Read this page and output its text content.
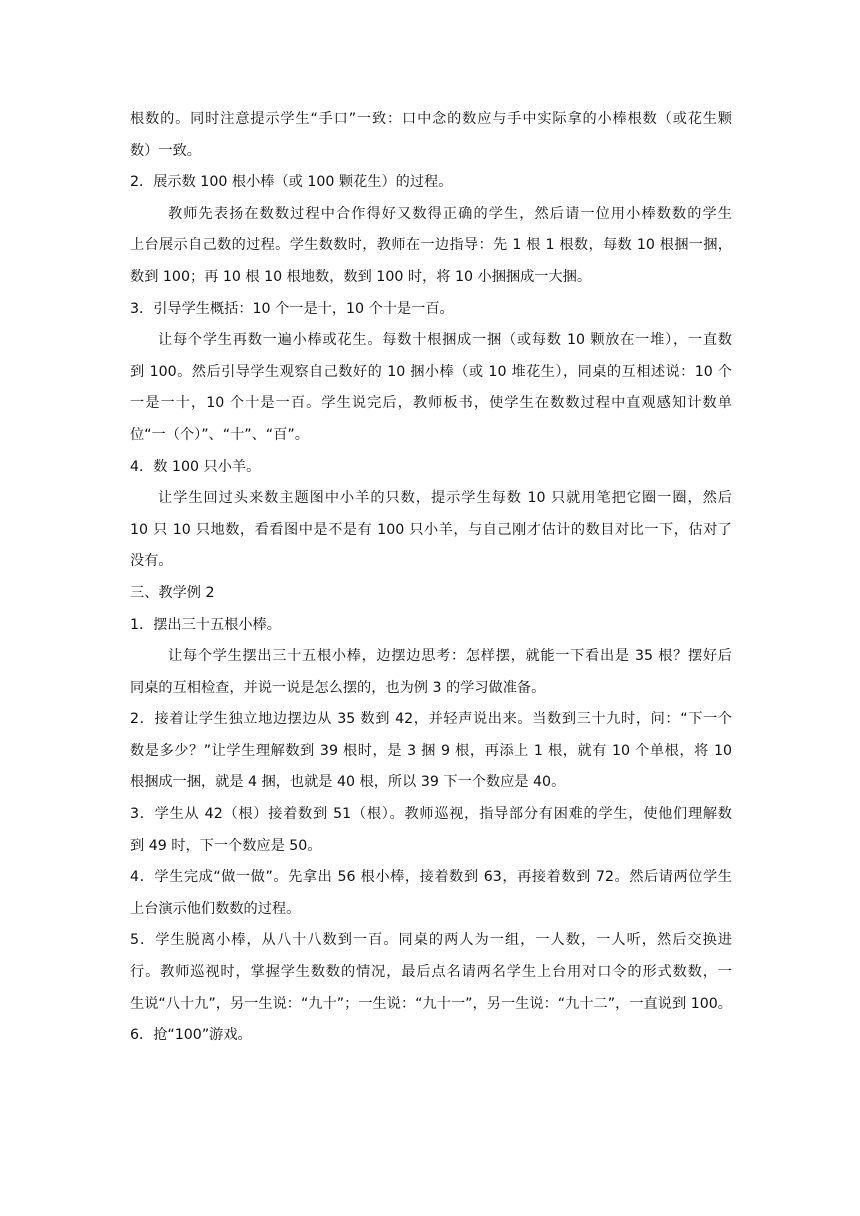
根数的。同时注意提示学生“手口”一致：口中念的数应与手中实际拿的小棒根数（或花生颗
数）一致。
2．展示数 100 根小棒（或 100 颗花生）的过程。
教师先表扬在数数过程中合作得好又数得正确的学生，然后请一位用小棒数数的学生
上台展示自己数的过程。学生数数时，教师在一边指导：先 1 根 1 根数，每数 10 根捆一捆，
数到 100；再 10 根 10 根地数，数到 100 时，将 10 小捆捆成一大捆。
3．引导学生概括：10 个一是十，10 个十是一百。
让每个学生再数一遍小棒或花生。每数十根捆成一捆（或每数 10 颗放在一堆），一直数
到 100。然后引导学生观察自己数好的 10 捆小棒（或 10 堆花生），同桌的互相述说：10 个
一是一十，10 个十是一百。学生说完后，教师板书，使学生在数数过程中直观感知计数单
位“一（个）”、“十”、“百”。
4．数 100 只小羊。
让学生回过头来数主题图中小羊的只数，提示学生每数 10 只就用笔把它圈一圈，然后
10 只 10 只地数，看看图中是不是有 100 只小羊，与自己刚才估计的数目对比一下，估对了
没有。
三、教学例 2
1．摆出三十五根小棒。
让每个学生摆出三十五根小棒，边摆边思考：怎样摆，就能一下看出是 35 根？摆好后
同桌的互相检查，并说一说是怎么摆的，也为例 3 的学习做准备。
2．接着让学生独立地边摆边从 35 数到 42，并轻声说出来。当数到三十九时，问：“下一个
数是多少？”让学生理解数到 39 根时，是 3 捆 9 根，再添上 1 根，就有 10 个单根，将 10
根捆成一捆，就是 4 捆，也就是 40 根，所以 39 下一个数应是 40。
3．学生从 42（根）接着数到 51（根）。教师巡视，指导部分有困难的学生，使他们理解数
到 49 时，下一个数应是 50。
4．学生完成“做一做”。先拿出 56 根小棒，接着数到 63，再接着数到 72。然后请两位学生
上台演示他们数数的过程。
5．学生脱离小棒，从八十八数到一百。同桌的两人为一组，一人数，一人听，然后交换进
行。教师巡视时，掌握学生数数的情况，最后点名请两名学生上台用对口令的形式数数，一
生说“八十九”，另一生说：“九十”；一生说：“九十一”，另一生说：“九十二”，一直说到 100。
6．抢“100”游戏。
